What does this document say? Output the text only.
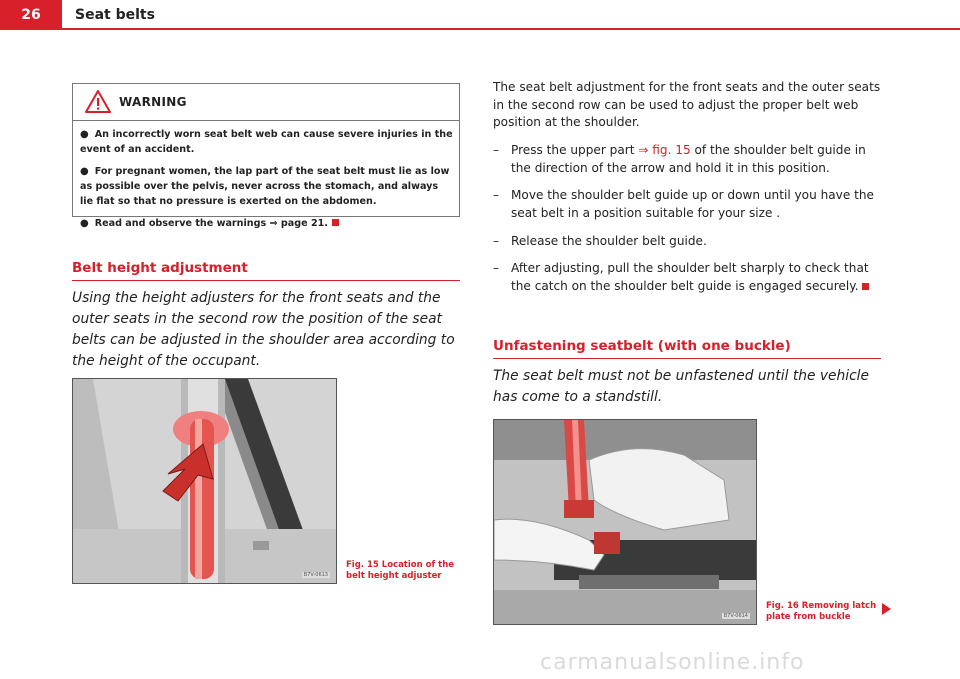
26	Seat belts
WARNING
● An incorrectly worn seat belt web can cause severe injuries in the event of an accident.
● For pregnant women, the lap part of the seat belt must lie as low as possible over the pelvis, never across the stomach, and always lie flat so that no pressure is exerted on the abdomen.
● Read and observe the warnings ⇒ page 21.
Belt height adjustment
Using the height adjusters for the front seats and the outer seats in the second row the position of the seat belts can be adjusted in the shoulder area according to the height of the occupant.
B7V-0613
Fig. 15 Location of the
belt height adjuster
The seat belt adjustment for the front seats and the outer seats in the second row can be used to adjust the proper belt web position at the shoulder.
– Press the upper part ⇒ fig. 15 of the shoulder belt guide in the direction of the arrow and hold it in this position.
– Move the shoulder belt guide up or down until you have the seat belt in a position suitable for your size .
– Release the shoulder belt guide.
– After adjusting, pull the shoulder belt sharply to check that the catch on the shoulder belt guide is engaged securely.
Unfastening seatbelt (with one buckle)
The seat belt must not be unfastened until the vehicle has come to a standstill.
B7V-0614
Fig. 16 Removing latch
plate from buckle
carmanualsonline.info
